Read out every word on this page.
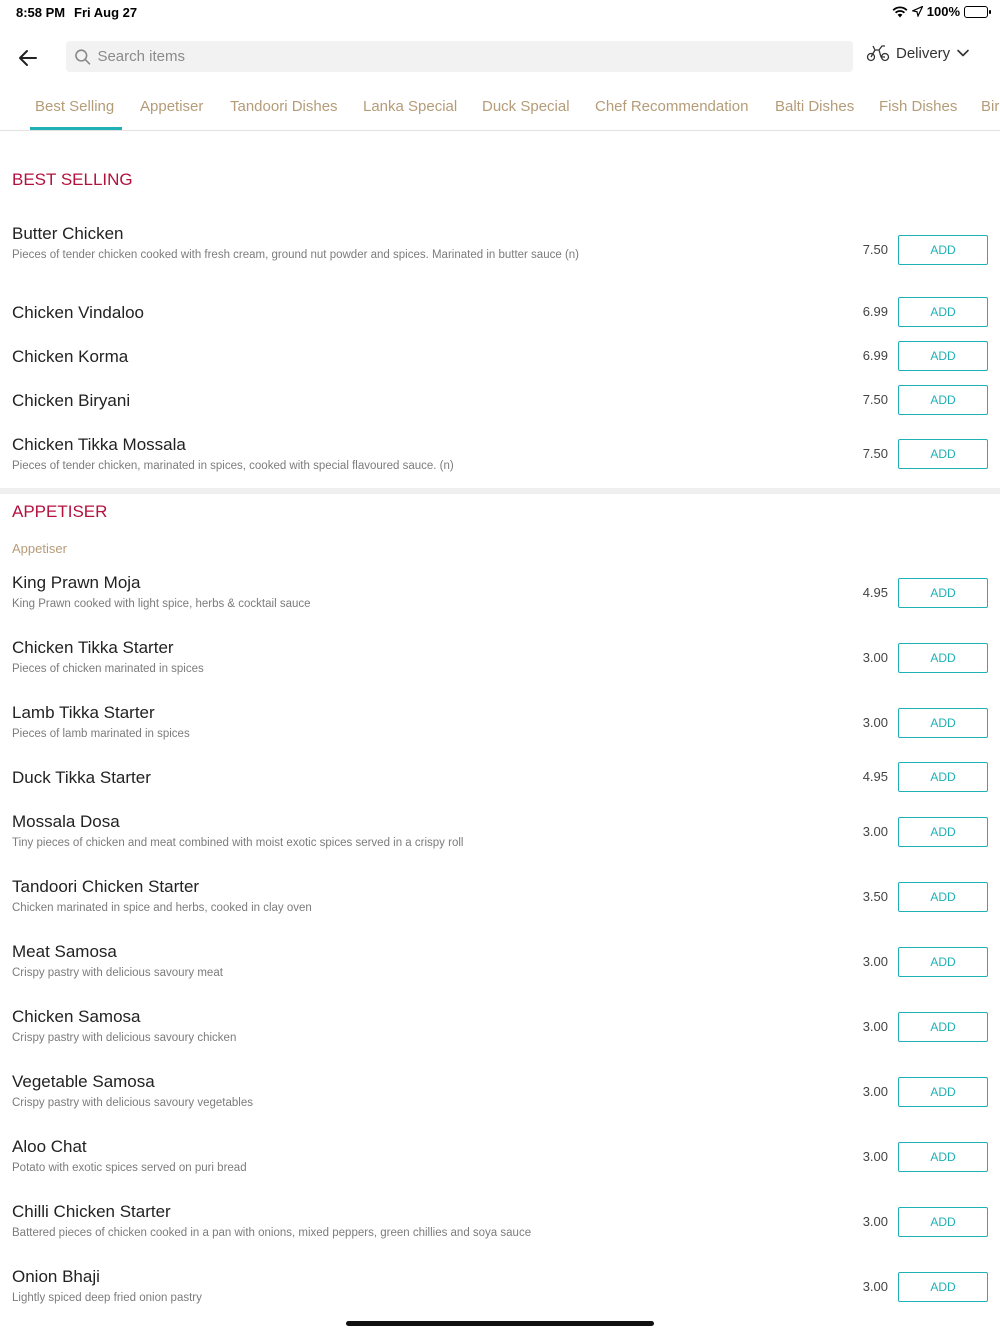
8:58 PM Fri Aug 27	100%
Search items
Delivery
Best Selling Appetiser Tandoori Dishes Lanka Special Duck Special Chef Recommendation Balti Dishes Fish Dishes Bir
BEST SELLING
Butter Chicken
Pieces of tender chicken cooked with fresh cream, ground nut powder and spices. Marinated in butter sauce (n)	7.50	ADD
Chicken Vindaloo	6.99	ADD
Chicken Korma	6.99	ADD
Chicken Biryani	7.50	ADD
Chicken Tikka Mossala
Pieces of tender chicken, marinated in spices, cooked with special flavoured sauce. (n)
7.50	ADD
APPETISER
Appetiser
King Prawn Moja
King Prawn cooked with light spice, herbs & cocktail sauce
4.95	ADD
Chicken Tikka Starter
Pieces of chicken marinated in spices
3.00	ADD
Lamb Tikka Starter
Pieces of lamb marinated in spices
3.00	ADD
Duck Tikka Starter	4.95	ADD
Mossala Dosa
Tiny pieces of chicken and meat combined with moist exotic spices served in a crispy roll
3.00	ADD
Tandoori Chicken Starter
Chicken marinated in spice and herbs, cooked in clay oven
3.50	ADD
Meat Samosa
Crispy pastry with delicious savoury meat
3.00	ADD
Chicken Samosa
Crispy pastry with delicious savoury chicken
3.00	ADD
Vegetable Samosa
Crispy pastry with delicious savoury vegetables
3.00	ADD
Aloo Chat
Potato with exotic spices served on puri bread
3.00	ADD
Chilli Chicken Starter
Battered pieces of chicken cooked in a pan with onions, mixed peppers, green chillies and soya sauce
3.00	ADD
Onion Bhaji
Lightly spiced deep fried onion pastry
3.00	ADD
